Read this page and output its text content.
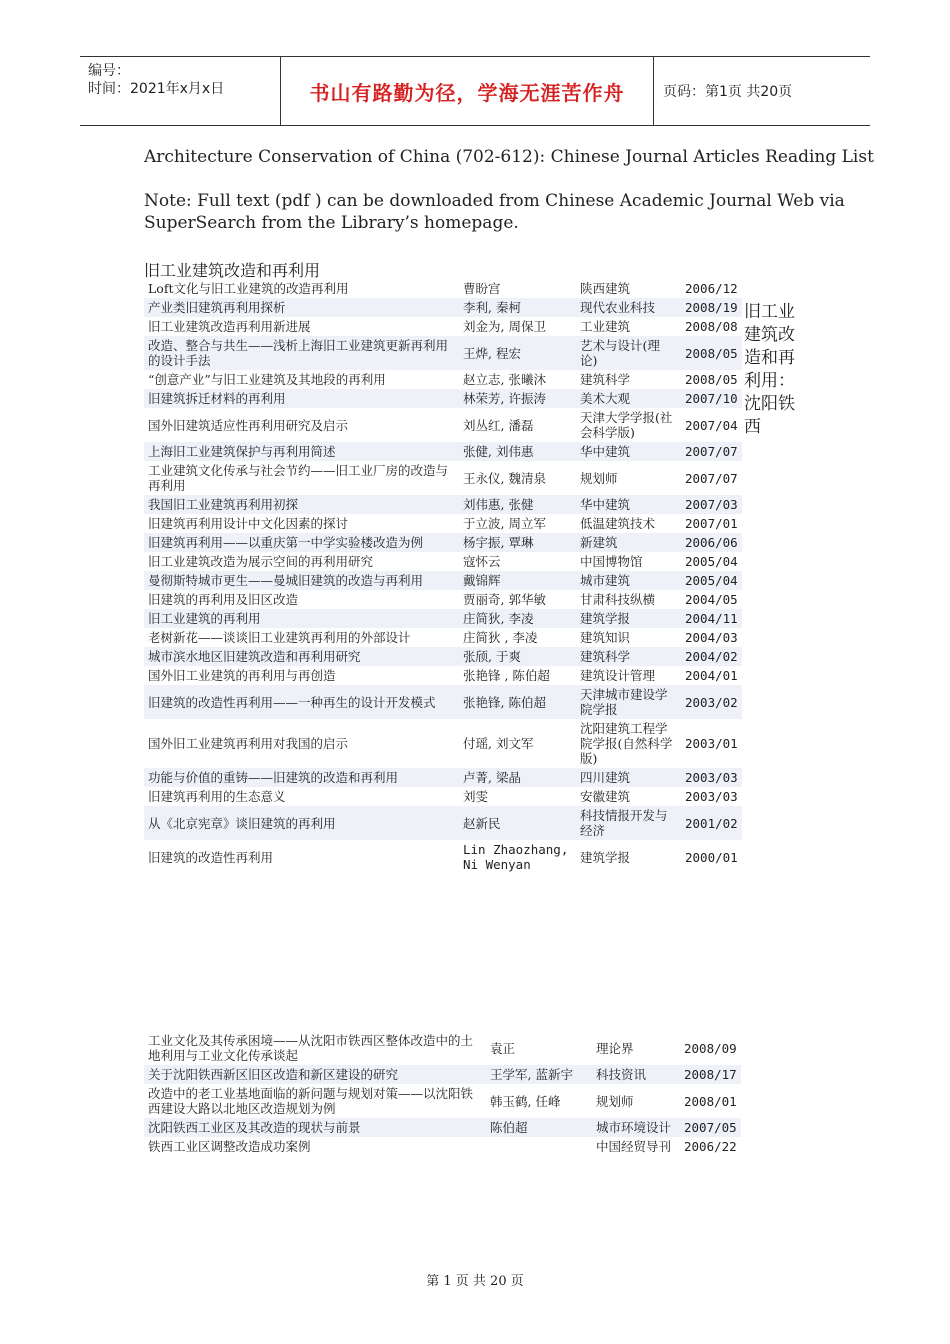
编号：
时间：2021年x月x日	书山有路勤为径，学海无涯苦作舟	页码：第1页 共20页
Architecture Conservation of China (702-612): Chinese Journal Articles Reading List
Note: Full text (pdf ) can be downloaded from Chinese Academic Journal Web via
SuperSearch from the Library’s homepage.
旧工业建筑改造和再利用
Loft文化与旧工业建筑的改造再利用	曹盼宫	陕西建筑	2006/12
产业类旧建筑再利用探析	李利, 秦柯	现代农业科技	2008/19
旧工业建筑改造再利用新进展	刘金为, 周保卫	工业建筑	2008/08
改造、整合与共生——浅析上海旧工业建筑更新再利用的设计手法	王烨, 程宏	艺术与设计(理论)	2008/05
“创意产业”与旧工业建筑及其地段的再利用	赵立志, 张曦沐	建筑科学	2008/05
旧建筑拆迁材料的再利用	林荣芳, 许振涛	美术大观	2007/10
国外旧建筑适应性再利用研究及启示	刘丛红, 潘磊	天津大学学报(社会科学版)	2007/04
上海旧工业建筑保护与再利用简述	张健, 刘伟惠	华中建筑	2007/07
工业建筑文化传承与社会节约——旧工业厂房的改造与再利用	王永仪, 魏清泉	规划师	2007/07
我国旧工业建筑再利用初探	刘伟惠, 张健	华中建筑	2007/03
旧建筑再利用设计中文化因素的探讨	于立波, 周立军	低温建筑技术	2007/01
旧建筑再利用——以重庆第一中学实验楼改造为例	杨宇振, 覃琳	新建筑	2006/06
旧工业建筑改造为展示空间的再利用研究	寇怀云	中国博物馆	2005/04
曼彻斯特城市更生——曼城旧建筑的改造与再利用	戴锦辉	城市建筑	2005/04
旧建筑的再利用及旧区改造	贾丽奇, 郭华敏	甘肃科技纵横	2004/05
旧工业建筑的再利用	庄简狄, 李凌	建筑学报	2004/11
老树新花——谈谈旧工业建筑再利用的外部设计	庄简狄 , 李凌	建筑知识	2004/03
城市滨水地区旧建筑改造和再利用研究	张颀, 于爽	建筑科学	2004/02
国外旧工业建筑的再利用与再创造	张艳锋 , 陈伯超	建筑设计管理	2004/01
旧建筑的改造性再利用——一种再生的设计开发模式	张艳锋, 陈伯超	天津城市建设学院学报	2003/02
国外旧工业建筑再利用对我国的启示	付瑶, 刘文军	沈阳建筑工程学院学报(自然科学版)	2003/01
功能与价值的重铸——旧建筑的改造和再利用	卢菁, 梁晶	四川建筑	2003/03
旧建筑再利用的生态意义	刘雯	安徽建筑	2003/03
从《北京宪章》谈旧建筑的再利用	赵新民	科技情报开发与经济	2001/02
旧建筑的改造性再利用	Lin Zhaozhang, Ni Wenyan	建筑学报	2000/01
旧工业建筑改造和再利用：沈阳铁西
工业文化及其传承困境——从沈阳市铁西区整体改造中的土地利用与工业文化传承谈起	袁正	理论界	2008/09
关于沈阳铁西新区旧区改造和新区建设的研究	王学军, 蓝新宇	科技资讯	2008/17
改造中的老工业基地面临的新问题与规划对策——以沈阳铁西建设大路以北地区改造规划为例	韩玉鹤, 任峰	规划师	2008/01
沈阳铁西工业区及其改造的现状与前景	陈伯超	城市环境设计	2007/05
铁西工业区调整改造成功案例		中国经贸导刊	2006/22
第 1 页 共 20 页
